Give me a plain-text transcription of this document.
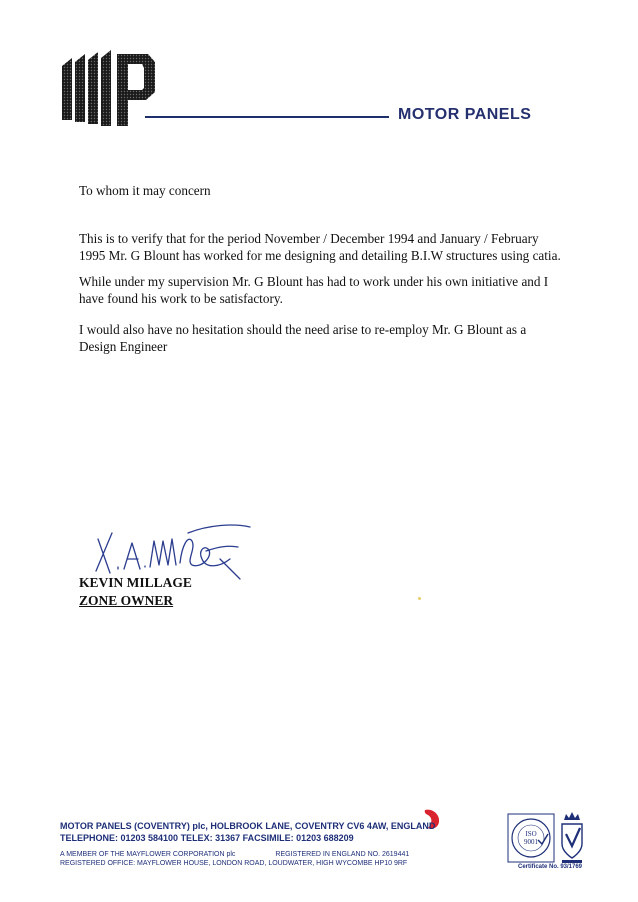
MOTOR PANELS
To whom it may concern

This is to verify that for the period November / December 1994 and January / February 1995 Mr. G Blount has worked for me designing and detailing B.I.W structures using catia.

While under my supervision Mr. G Blount has had to work under his own initiative and I have found his work to be satisfactory.

I would also have no hesitation should the need arise to re-employ Mr. G Blount as a Design Engineer

KEVIN MILLAGE
ZONE OWNER
MOTOR PANELS (COVENTRY) plc, HOLBROOK LANE, COVENTRY CV6 4AW, ENGLAND
TELEPHONE: 01203 584100 TELEX: 31367 FACSIMILE: 01203 688209
A MEMBER OF THE MAYFLOWER CORPORATION plc	REGISTERED IN ENGLAND NO. 2619441
REGISTERED OFFICE: MAYFLOWER HOUSE, LONDON ROAD, LOUDWATER, HIGH WYCOMBE HP10 9RF
ISO
9001
Certificate No. 93/1769
